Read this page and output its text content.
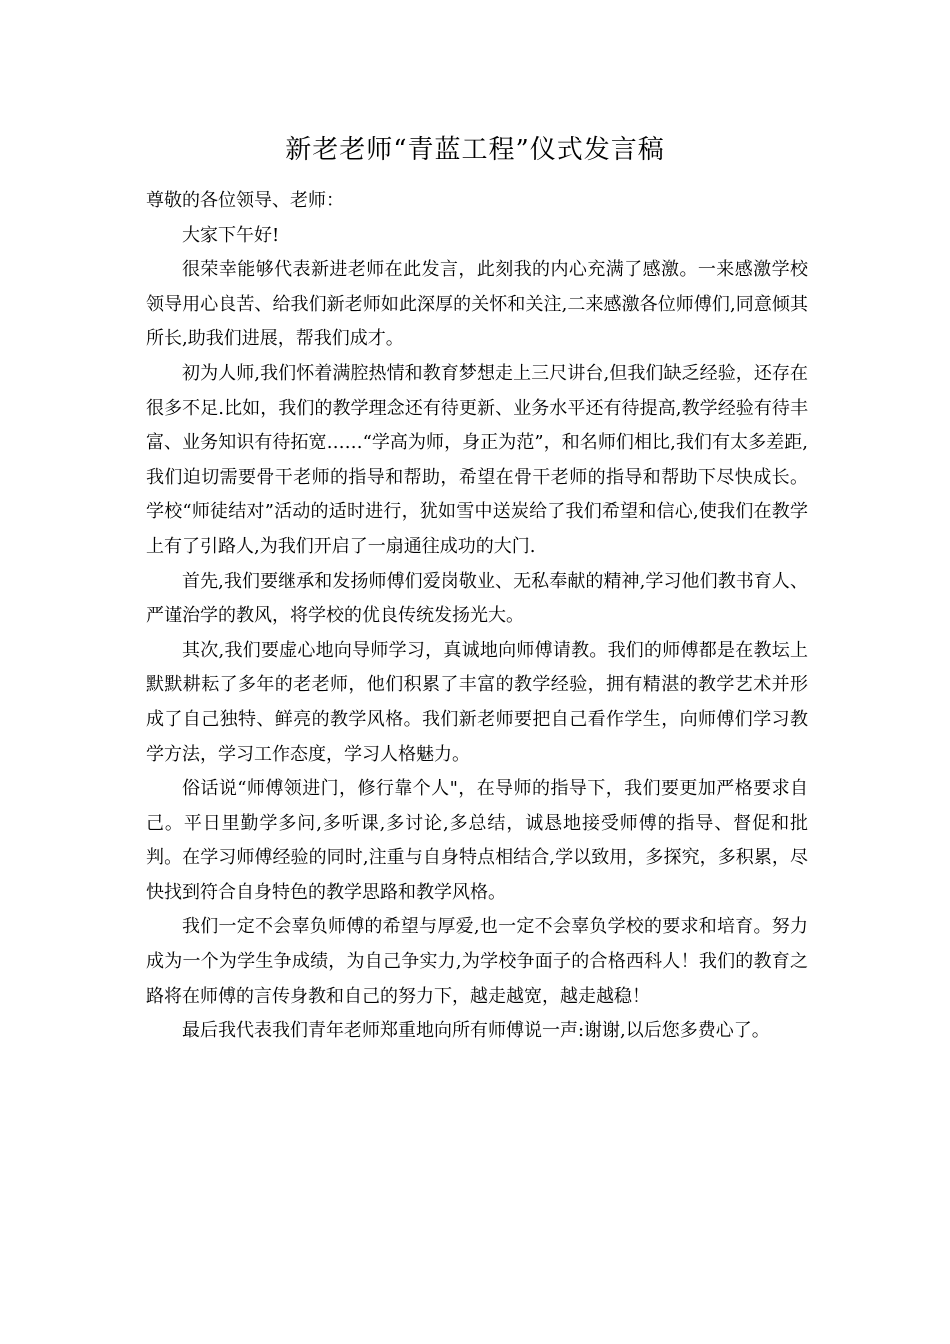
新老老师“青蓝工程”仪式发言稿

尊敬的各位领导、老师：

大家下午好!

很荣幸能够代表新进老师在此发言，此刻我的内心充满了感激。一来感激学校领导用心良苦、给我们新老师如此深厚的关怀和关注,二来感激各位师傅们,同意倾其所长,助我们进展，帮我们成才。

初为人师,我们怀着满腔热情和教育梦想走上三尺讲台,但我们缺乏经验，还存在很多不足.比如，我们的教学理念还有待更新、业务水平还有待提高,教学经验有待丰富、业务知识有待拓宽……“学高为师，身正为范”，和名师们相比,我们有太多差距,我们迫切需要骨干老师的指导和帮助，希望在骨干老师的指导和帮助下尽快成长。学校“师徒结对”活动的适时进行，犹如雪中送炭给了我们希望和信心,使我们在教学上有了引路人,为我们开启了一扇通往成功的大门.

首先,我们要继承和发扬师傅们爱岗敬业、无私奉献的精神,学习他们教书育人、严谨治学的教风，将学校的优良传统发扬光大。

其次,我们要虚心地向导师学习，真诚地向师傅请教。我们的师傅都是在教坛上默默耕耘了多年的老老师，他们积累了丰富的教学经验，拥有精湛的教学艺术并形成了自己独特、鲜亮的教学风格。我们新老师要把自己看作学生，向师傅们学习教学方法，学习工作态度，学习人格魅力。

俗话说“师傅领进门，修行靠个人"，在导师的指导下，我们要更加严格要求自己。平日里勤学多问,多听课,多讨论,多总结，诚恳地接受师傅的指导、督促和批判。在学习师傅经验的同时,注重与自身特点相结合,学以致用，多探究，多积累，尽快找到符合自身特色的教学思路和教学风格。

我们一定不会辜负师傅的希望与厚爱,也一定不会辜负学校的要求和培育。努力成为一个为学生争成绩，为自己争实力,为学校争面子的合格西科人！我们的教育之路将在师傅的言传身教和自己的努力下，越走越宽，越走越稳！

最后我代表我们青年老师郑重地向所有师傅说一声:谢谢,以后您多费心了。
